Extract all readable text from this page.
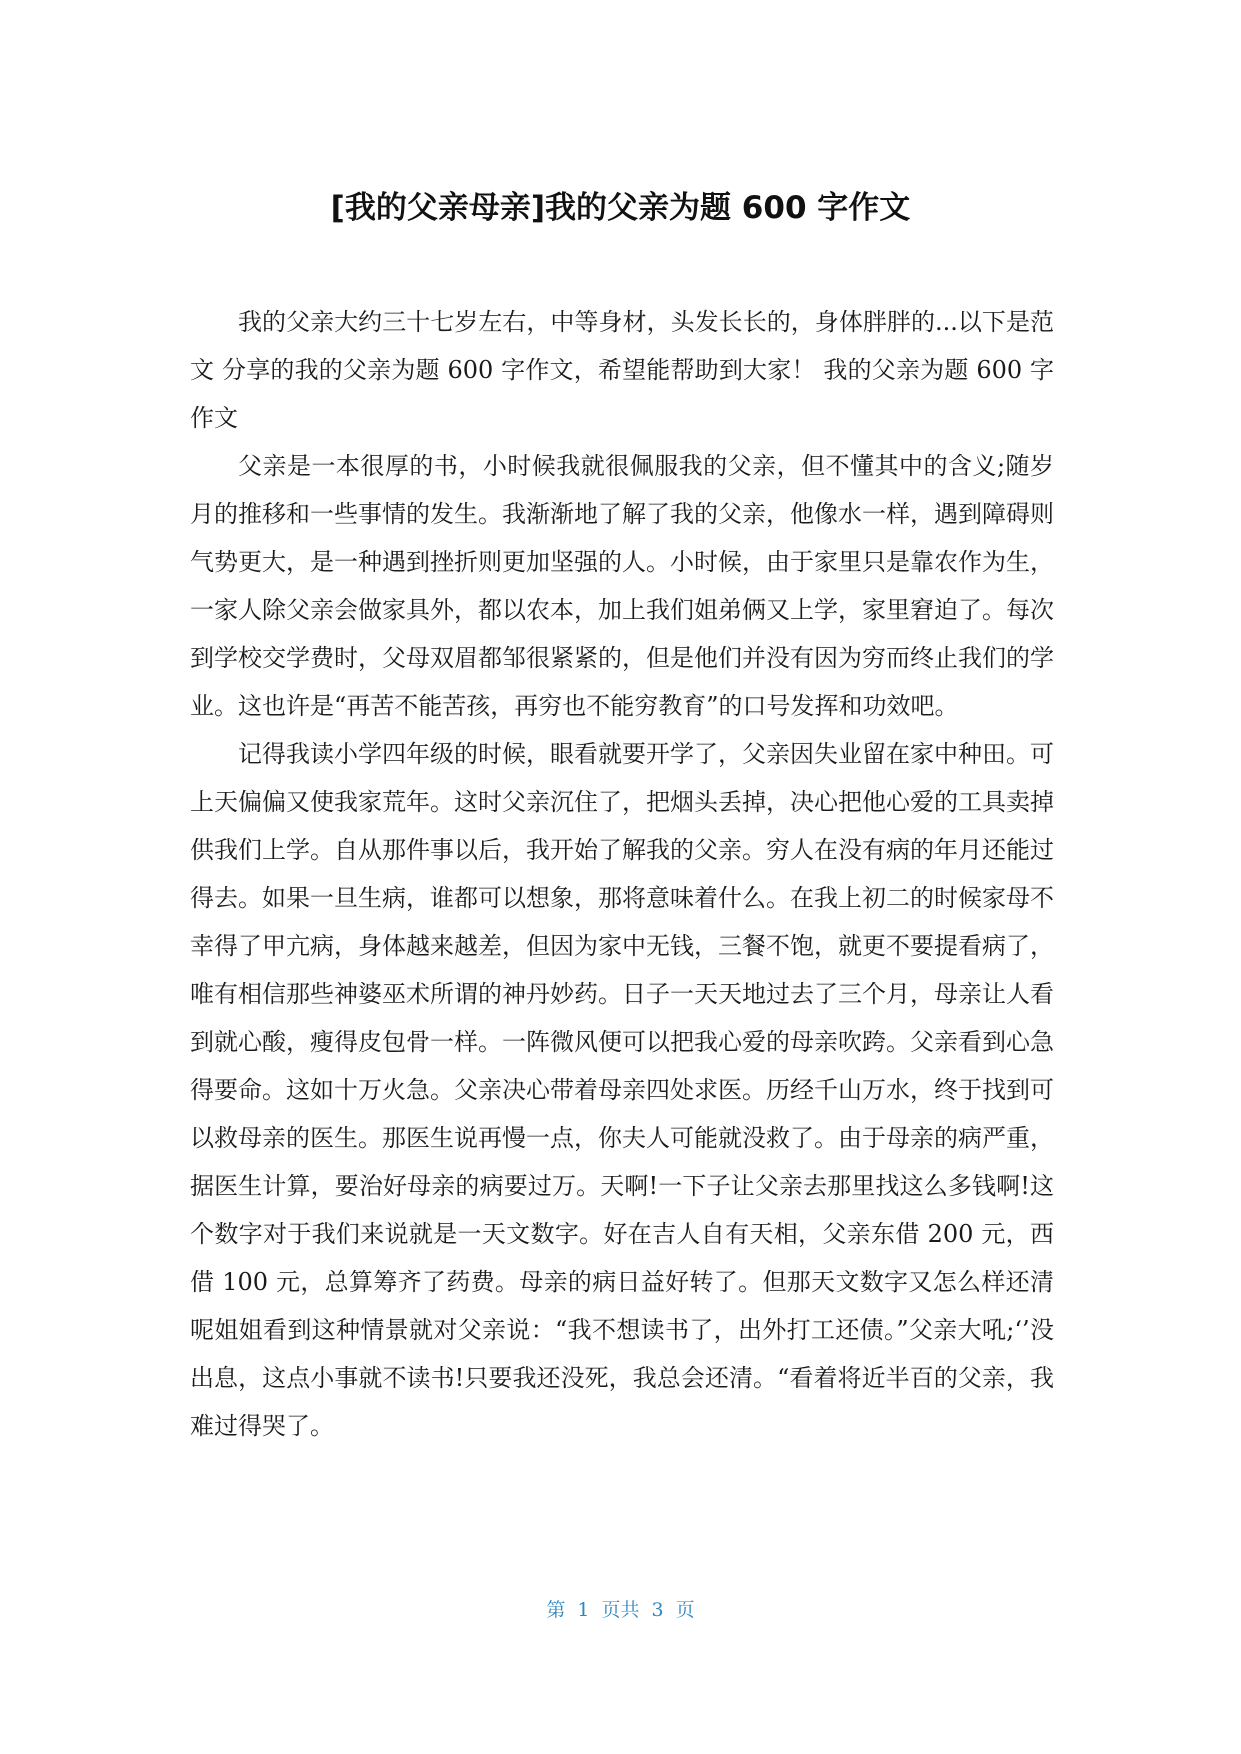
[我的父亲母亲]我的父亲为题 600 字作文

我的父亲大约三十七岁左右，中等身材，头发长长的，身体胖胖的...以下是范文 分享的我的父亲为题 600 字作文，希望能帮助到大家！ 我的父亲为题 600 字作文

父亲是一本很厚的书，小时候我就很佩服我的父亲，但不懂其中的含义;随岁月的推移和一些事情的发生。我渐渐地了解了我的父亲，他像水一样，遇到障碍则气势更大，是一种遇到挫折则更加坚强的人。小时候，由于家里只是靠农作为生，一家人除父亲会做家具外，都以农本，加上我们姐弟俩又上学，家里窘迫了。每次到学校交学费时，父母双眉都邹很紧紧的，但是他们并没有因为穷而终止我们的学业。这也许是“再苦不能苦孩，再穷也不能穷教育”的口号发挥和功效吧。

记得我读小学四年级的时候，眼看就要开学了，父亲因失业留在家中种田。可上天偏偏又使我家荒年。这时父亲沉住了，把烟头丢掉，决心把他心爱的工具卖掉供我们上学。自从那件事以后，我开始了解我的父亲。穷人在没有病的年月还能过得去。如果一旦生病，谁都可以想象，那将意味着什么。在我上初二的时候家母不幸得了甲亢病，身体越来越差，但因为家中无钱，三餐不饱，就更不要提看病了，唯有相信那些神婆巫术所谓的神丹妙药。日子一天天地过去了三个月，母亲让人看到就心酸，瘦得皮包骨一样。一阵微风便可以把我心爱的母亲吹跨。父亲看到心急得要命。这如十万火急。父亲决心带着母亲四处求医。历经千山万水，终于找到可以救母亲的医生。那医生说再慢一点，你夫人可能就没救了。由于母亲的病严重，据医生计算，要治好母亲的病要过万。天啊!一下子让父亲去那里找这么多钱啊!这个数字对于我们来说就是一天文数字。好在吉人自有天相，父亲东借 200 元，西借 100 元，总算筹齐了药费。母亲的病日益好转了。但那天文数字又怎么样还清呢姐姐看到这种情景就对父亲说：“我不想读书了，出外打工还债。”父亲大吼;‘’没出息，这点小事就不读书!只要我还没死，我总会还清。“看着将近半百的父亲，我难过得哭了。

第 1 页共 3 页
